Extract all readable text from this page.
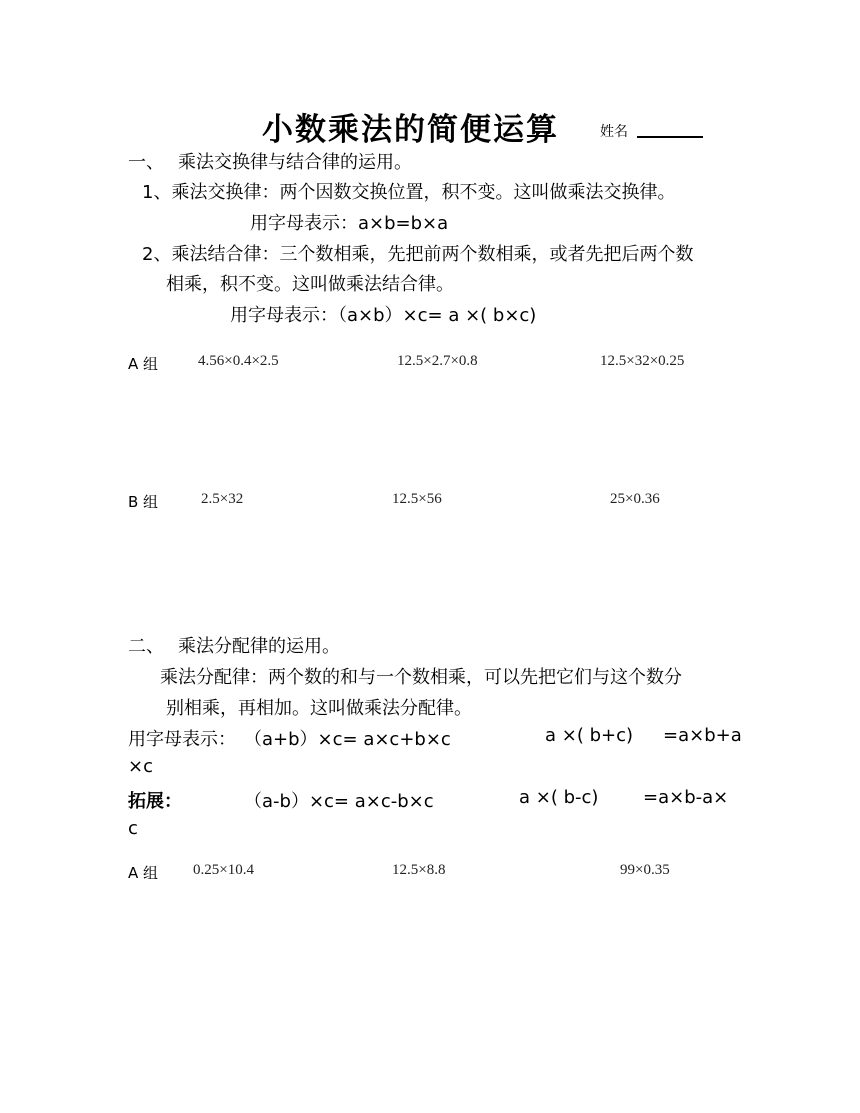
小数乘法的简便运算	姓名
一、 乘法交换律与结合律的运用。
1、乘法交换律：两个因数交换位置，积不变。这叫做乘法交换律。
用字母表示：a×b=b×a
2、乘法结合律：三个数相乘，先把前两个数相乘，或者先把后两个数
相乘，积不变。这叫做乘法结合律。
用字母表示：（a×b）×c= a ×( b×c)
A 组	4.56×0.4×2.5	12.5×2.7×0.8	12.5×32×0.25
B 组	2.5×32	12.5×56	25×0.36
二、 乘法分配律的运用。
乘法分配律：两个数的和与一个数相乘，可以先把它们与这个数分
别相乘，再相加。这叫做乘法分配律。
用字母表示： （a+b）×c= a×c+b×c	a ×( b+c) =a×b+a
×c
拓展：	（a-b）×c= a×c-b×c	a ×( b-c) =a×b-a×
c
A 组 0.25×10.4	12.5×8.8	99×0.35
